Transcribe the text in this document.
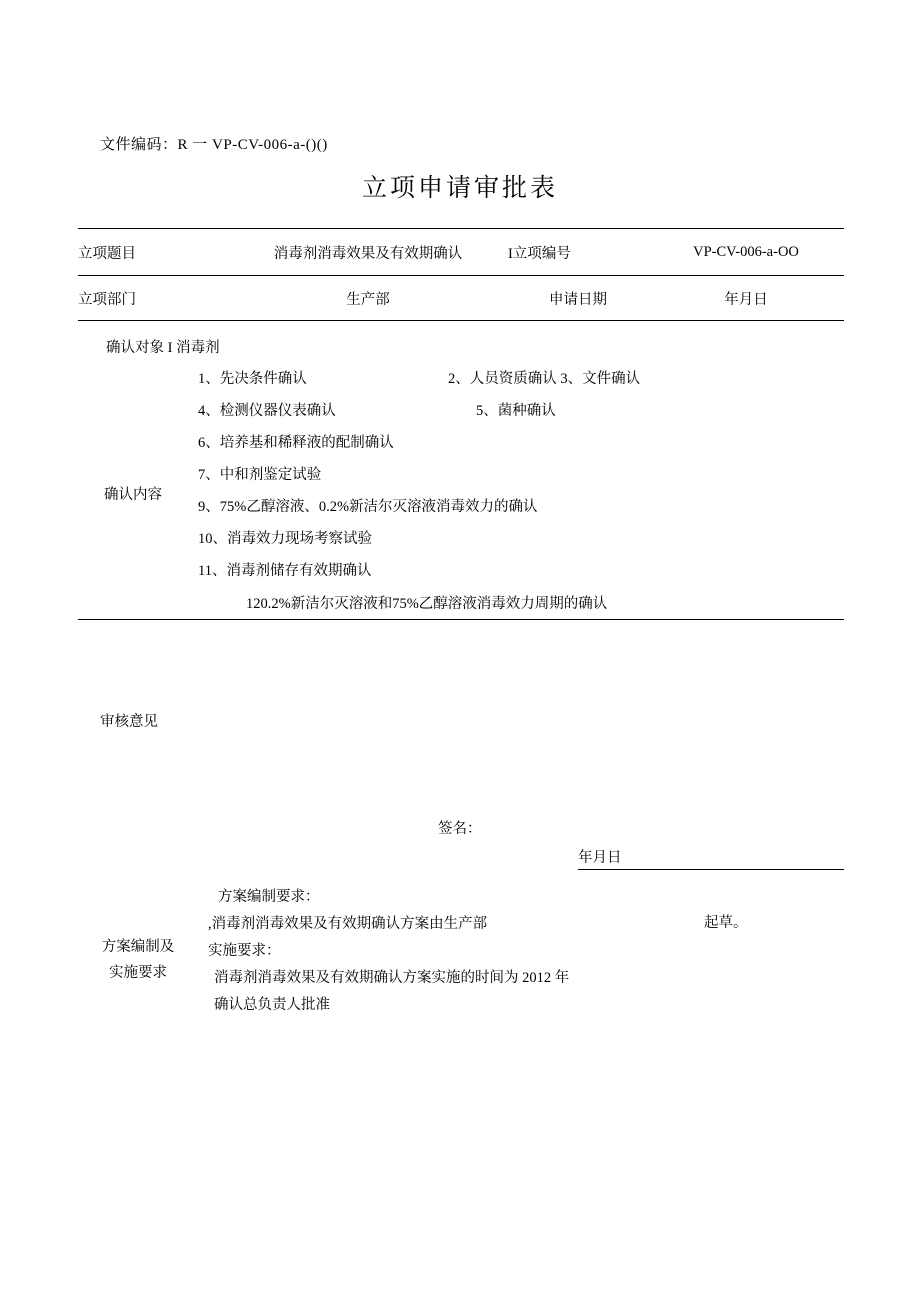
文件编码：R 一 VP-CV-006-a-()()
立项申请审批表
立项题目	消毒剂消毒效果及有效期确认	I立项编号	VP-CV-006-a-OO
立项部门	生产部	申请日期	年月日
确认对象 I 消毒剂
确认内容
1、先决条件确认	2、人员资质确认 3、文件确认
4、检测仪器仪表确认	5、菌种确认
6、培养基和稀释液的配制确认
7、中和剂鉴定试验
9、75%乙醇溶液、0.2%新洁尔灭溶液消毒效力的确认
10、消毒效力现场考察试验
11、消毒剂储存有效期确认
120.2%新洁尔灭溶液和75%乙醇溶液消毒效力周期的确认
审核意见
签名：
年月日
方案编制及
实施要求
方案编制要求：
,消毒剂消毒效果及有效期确认方案由生产部
实施要求：
消毒剂消毒效果及有效期确认方案实施的时间为 2012 年
确认总负责人批准
起草。
